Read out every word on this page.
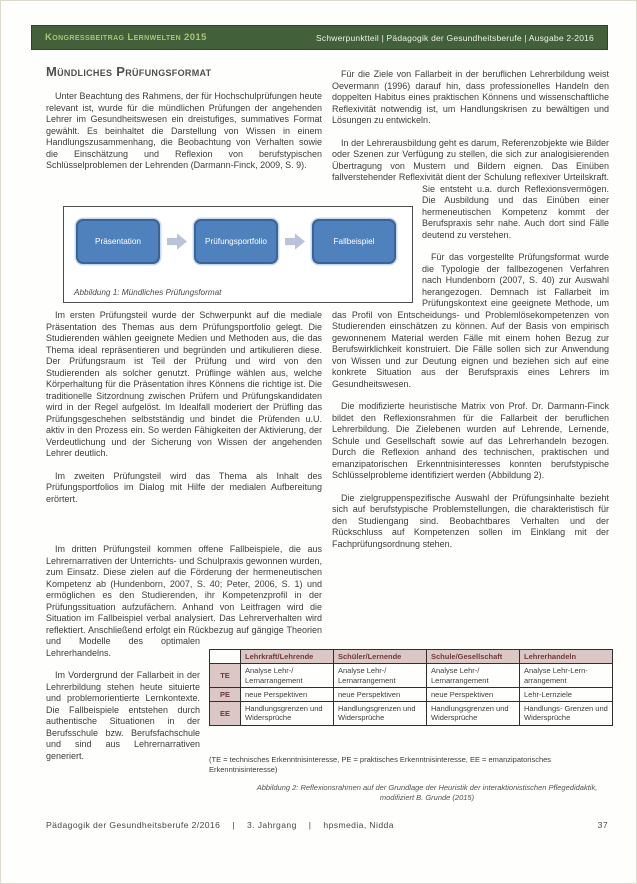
Kongressbeitrag Lernwelten 2015	Schwerpunktteil | Pädagogik der Gesundheitsberufe | Ausgabe 2-2016
Mündliches Prüfungsformat

Unter Beachtung des Rahmens, der für Hochschulprüfungen heute relevant ist, wurde für die mündlichen Prüfungen der angehenden Lehrer im Gesundheitswesen ein dreistufiges, summatives Format gewählt. Es beinhaltet die Darstellung von Wissen in einem Handlungszusammenhang, die Beobachtung von Verhalten sowie die Einschätzung und Reflexion von berufstypischen Schlüsselproblemen der Lehrenden (Darmann-Finck, 2009, S. 9).

Präsentation	Prüfungsportfolio	Fallbeispiel
Abbildung 1: Mündliches Prüfungsformat

Im ersten Prüfungsteil wurde der Schwerpunkt auf die mediale Präsentation des Themas aus dem Prüfungsportfolio gelegt. Die Studierenden wählen geeignete Medien und Methoden aus, die das Thema ideal repräsentieren und begründen und artikulieren diese. Der Prüfungsraum ist Teil der Prüfung und wird von den Studierenden als solcher genutzt. Prüflinge wählen aus, welche Körperhaltung für die Präsentation ihres Könnens die richtige ist. Die traditionelle Sitzordnung zwischen Prüfern und Prüfungskandidaten wird in der Regel aufgelöst. Im Idealfall moderiert der Prüfling das Prüfungsgeschehen selbstständig und bindet die Prüfenden u.U. aktiv in den Prozess ein. So werden Fähigkeiten der Aktivierung, der Verdeutlichung und der Sicherung von Wissen der angehenden Lehrer deutlich.

Im zweiten Prüfungsteil wird das Thema als Inhalt des Prüfungsportfolios im Dialog mit Hilfe der medialen Aufbereitung erörtert.

Im dritten Prüfungsteil kommen offene Fallbeispiele, die aus Lehrernarrativen der Unterrichts- und Schulpraxis gewonnen wurden, zum Einsatz. Diese zielen auf die Förderung der hermeneutischen Kompetenz ab (Hundenborn, 2007, S. 40; Peter, 2006, S. 1) und ermöglichen es den Studierenden, ihr Kompetenzprofil in der Prüfungssituation aufzufächern. Anhand von Leitfragen wird die Situation im Fallbeispiel verbal analysiert. Das Lehrerverhalten wird reflektiert. Anschließend erfolgt ein Rückbezug auf gängige Theorien und Modelle des optimalen Lehrerhandelns.

Im Vordergrund der Fallarbeit in der Lehrerbildung stehen heute situierte und problemorientierte Lernkontexte. Die Fallbeispiele entstehen durch authentische Situationen in der Berufsschule bzw. Berufsfachschule und sind aus Lehrernarrativen generiert.

Für die Ziele von Fallarbeit in der beruflichen Lehrerbildung weist Oevermann (1996) darauf hin, dass professionelles Handeln den doppelten Habitus eines praktischen Könnens und wissenschaftliche Reflexivität notwendig ist, um Handlungskrisen zu bewältigen und Lösungen zu entwickeln.

In der Lehrerausbildung geht es darum, Referenzobjekte wie Bilder oder Szenen zur Verfügung zu stellen, die sich zur analogisierenden Übertragung von Mustern und Bildern eignen. Das Einüben fallverstehender Reflexivität dient der Schulung reflexiver Urteilskraft. Sie entsteht u.a. durch Reflexionsvermögen. Die Ausbildung und das Einüben einer hermeneutischen Kompetenz kommt der Berufspraxis sehr nahe. Auch dort sind Fälle deutend zu verstehen.

Für das vorgestellte Prüfungsformat wurde die Typologie der fallbezogenen Verfahren nach Hundenborn (2007, S. 40) zur Auswahl herangezogen. Demnach ist Fallarbeit im Prüfungskontext eine geeignete Methode, um das Profil von Entscheidungs- und Problemlösekompetenzen von Studierenden einschätzen zu können. Auf der Basis von empirisch gewonnenem Material werden Fälle mit einem hohen Bezug zur Berufswirklichkeit konstruiert. Die Fälle sollen sich zur Anwendung von Wissen und zur Deutung eignen und beziehen sich auf eine konkrete Situation aus der Berufspraxis eines Lehrers im Gesundheitswesen.

Die modifizierte heuristische Matrix von Prof. Dr. Darmann-Finck bildet den Reflexionsrahmen für die Fallarbeit der beruflichen Lehrerbildung. Die Zielebenen wurden auf Lehrende, Lernende, Schule und Gesellschaft sowie auf das Lehrerhandeln bezogen. Durch die Reflexion anhand des technischen, praktischen und emanzipatorischen Erkenntnisinteresses konnten berufstypische Schlüsselprobleme identifiziert werden (Abbildung 2).

Die zielgruppenspezifische Auswahl der Prüfungsinhalte bezieht sich auf berufstypische Problemstellungen, die charakteristisch für den Studiengang sind. Beobachtbares Verhalten und der Rückschluss auf Kompetenzen sollen im Einklang mit der Fachprüfungsordnung stehen.

	Lehrkraft/Lehrende	Schüler/Lernende	Schule/Gesellschaft	Lehrerhandeln
TE	Analyse Lehr-/ Lernarrangement	Analyse Lehr-/ Lernarrangement	Analyse Lehr-/ Lernarrangement	Analyse Lehr-Lern- arrangement
PE	neue Perspektiven	neue Perspektiven	neue Perspektiven	Lehr-Lernziele
EE	Handlungsgrenzen und Widersprüche	Handlungsgrenzen und Widersprüche	Handlungsgrenzen und Widersprüche	Handlungs- Grenzen und Widersprüche
(TE = technisches Erkenntnisinteresse, PE = praktisches Erkenntnisinteresse, EE = emanzipatorisches Erkenntnisinteresse)
Abbildung 2: Reflexionsrahmen auf der Grundlage der Heuristik der interaktionistischen Pflegedidaktik, modifiziert B. Grunde (2015)
Pädagogik der Gesundheitsberufe 2/2016 | 3. Jahrgang | hpsmedia, Nidda	37
